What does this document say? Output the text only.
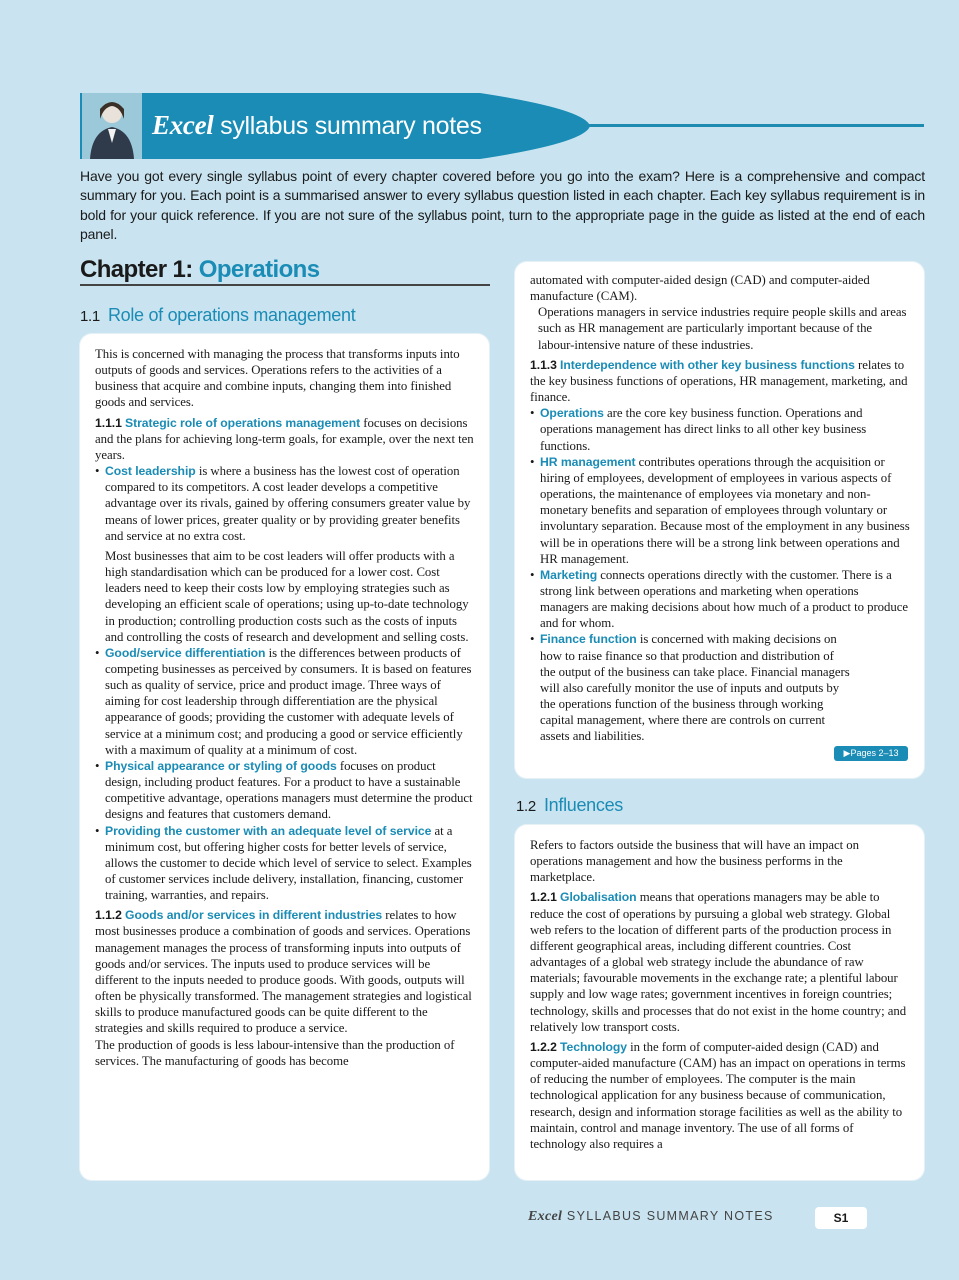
Excel syllabus summary notes
Have you got every single syllabus point of every chapter covered before you go into the exam? Here is a comprehensive and compact summary for you. Each point is a summarised answer to every syllabus question listed in each chapter. Each key syllabus requirement is in bold for your quick reference. If you are not sure of the syllabus point, turn to the appropriate page in the guide as listed at the end of each panel.
Chapter 1: Operations
1.1 Role of operations management

This is concerned with managing the process that transforms inputs into outputs of goods and services. Operations refers to the activities of a business that acquire and combine inputs, changing them into finished goods and services.

1.1.1 Strategic role of operations management focuses on decisions and the plans for achieving long-term goals, for example, over the next ten years.

• Cost leadership is where a business has the lowest cost of operation compared to its competitors. A cost leader develops a competitive advantage over its rivals, gained by offering consumers greater value by means of lower prices, greater quality or by providing greater benefits and service at no extra cost.

Most businesses that aim to be cost leaders will offer products with a high standardisation which can be produced for a lower cost. Cost leaders need to keep their costs low by employing strategies such as developing an efficient scale of operations; using up-to-date technology in production; controlling production costs such as the costs of inputs and controlling the costs of research and development and selling costs.

• Good/service differentiation is the differences between products of competing businesses as perceived by consumers. It is based on features such as quality of service, price and product image. Three ways of aiming for cost leadership through differentiation are the physical appearance of goods; providing the customer with adequate levels of service at a minimum cost; and producing a good or service efficiently with a maximum of quality at a minimum of cost.

• Physical appearance or styling of goods focuses on product design, including product features. For a product to have a sustainable competitive advantage, operations managers must determine the product designs and features that customers demand.

• Providing the customer with an adequate level of service at a minimum cost, but offering higher costs for better levels of service, allows the customer to decide which level of service to select. Examples of customer services include delivery, installation, financing, customer training, warranties, and repairs.

1.1.2 Goods and/or services in different industries relates to how most businesses produce a combination of goods and services. Operations management manages the process of transforming inputs into outputs of goods and/or services. The inputs used to produce services will be different to the inputs needed to produce goods. With goods, outputs will often be physically transformed. The management strategies and logistical skills to produce manufactured goods can be quite different to the strategies and skills required to produce a service.

The production of goods is less labour-intensive than the production of services. The manufacturing of goods has become

automated with computer-aided design (CAD) and computer-aided manufacture (CAM).

Operations managers in service industries require people skills and areas such as HR management are particularly important because of the labour-intensive nature of these industries.

1.1.3 Interdependence with other key business functions relates to the key business functions of operations, HR management, marketing, and finance.

• Operations are the core key business function. Operations and operations management has direct links to all other key business functions.

• HR management contributes operations through the acquisition or hiring of employees, development of employees in various aspects of operations, the maintenance of employees via monetary and non-monetary benefits and separation of employees through voluntary or involuntary separation. Because most of the employment in any business will be in operations there will be a strong link between operations and HR management.

• Marketing connects operations directly with the customer. There is a strong link between operations and marketing when operations managers are making decisions about how much of a product to produce and for whom.

• Finance function is concerned with making decisions on how to raise finance so that production and distribution of the output of the business can take place. Financial managers will also carefully monitor the use of inputs and outputs by the operations function of the business through working capital management, where there are controls on current assets and liabilities.

▶Pages 2–13
1.2 Influences

Refers to factors outside the business that will have an impact on operations management and how the business performs in the marketplace.

1.2.1 Globalisation means that operations managers may be able to reduce the cost of operations by pursuing a global web strategy. Global web refers to the location of different parts of the production process in different geographical areas, including different countries. Cost advantages of a global web strategy include the abundance of raw materials; favourable movements in the exchange rate; a plentiful labour supply and low wage rates; government incentives in foreign countries; technology, skills and processes that do not exist in the home country; and relatively low transport costs.

1.2.2 Technology in the form of computer-aided design (CAD) and computer-aided manufacture (CAM) has an impact on operations in terms of reducing the number of employees. The computer is the main technological application for any business because of communication, research, design and information storage facilities as well as the ability to maintain, control and manage inventory. The use of all forms of technology also requires a

Excel SYLLABUS SUMMARY NOTES	S1
